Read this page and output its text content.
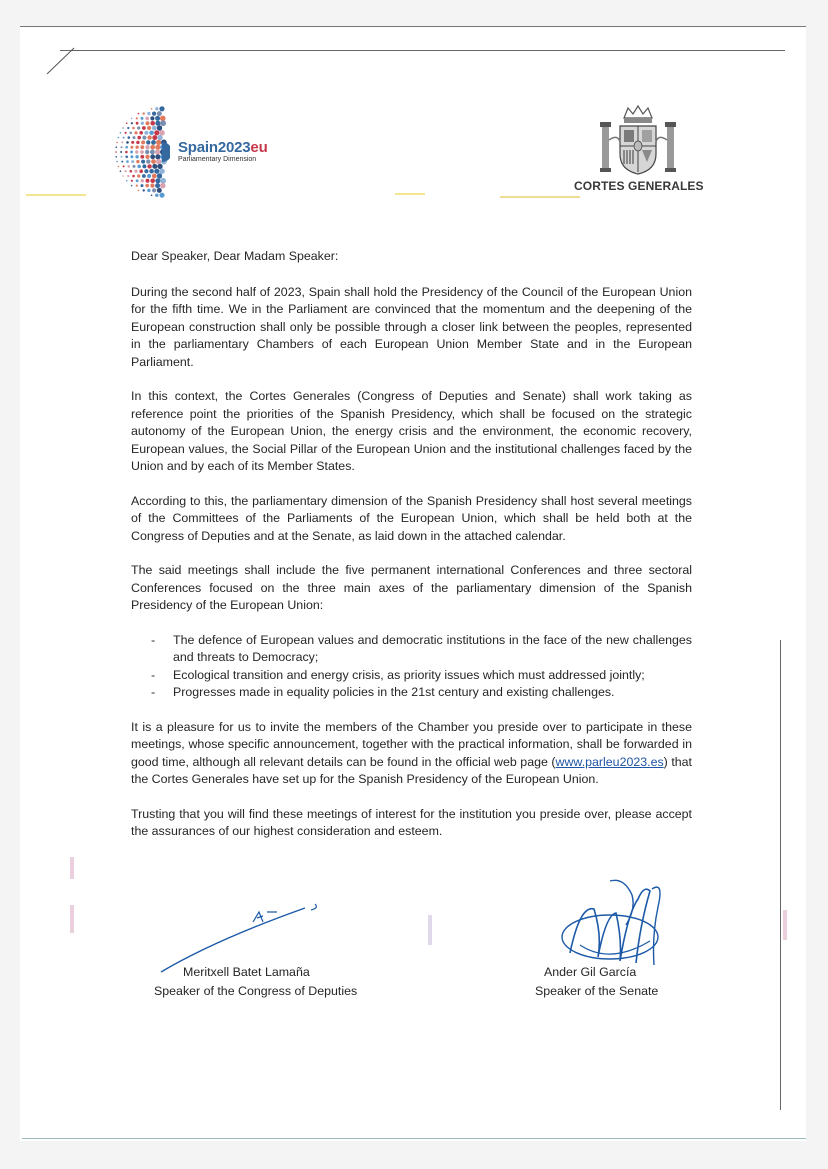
Spain2023eu
Parliamentary Dimension
CORTES GENERALES

Dear Speaker, Dear Madam Speaker:

During the second half of 2023, Spain shall hold the Presidency of the Council of the European Union for the fifth time. We in the Parliament are convinced that the momentum and the deepening of the European construction shall only be possible through a closer link between the peoples, represented in the parliamentary Chambers of each European Union Member State and in the European Parliament.

In this context, the Cortes Generales (Congress of Deputies and Senate) shall work taking as reference point the priorities of the Spanish Presidency, which shall be focused on the strategic autonomy of the European Union, the energy crisis and the environment, the economic recovery, European values, the Social Pillar of the European Union and the institutional challenges faced by the Union and by each of its Member States.

According to this, the parliamentary dimension of the Spanish Presidency shall host several meetings of the Committees of the Parliaments of the European Union, which shall be held both at the Congress of Deputies and at the Senate, as laid down in the attached calendar.

The said meetings shall include the five permanent international Conferences and three sectoral Conferences focused on the three main axes of the parliamentary dimension of the Spanish Presidency of the European Union:

- The defence of European values and democratic institutions in the face of the new challenges and threats to Democracy;
- Ecological transition and energy crisis, as priority issues which must addressed jointly;
- Progresses made in equality policies in the 21st century and existing challenges.

It is a pleasure for us to invite the members of the Chamber you preside over to participate in these meetings, whose specific announcement, together with the practical information, shall be forwarded in good time, although all relevant details can be found in the official web page (www.parleu2023.es) that the Cortes Generales have set up for the Spanish Presidency of the European Union.

Trusting that you will find these meetings of interest for the institution you preside over, please accept the assurances of our highest consideration and esteem.

Meritxell Batet Lamaña
Speaker of the Congress of Deputies
Ander Gil García
Speaker of the Senate
